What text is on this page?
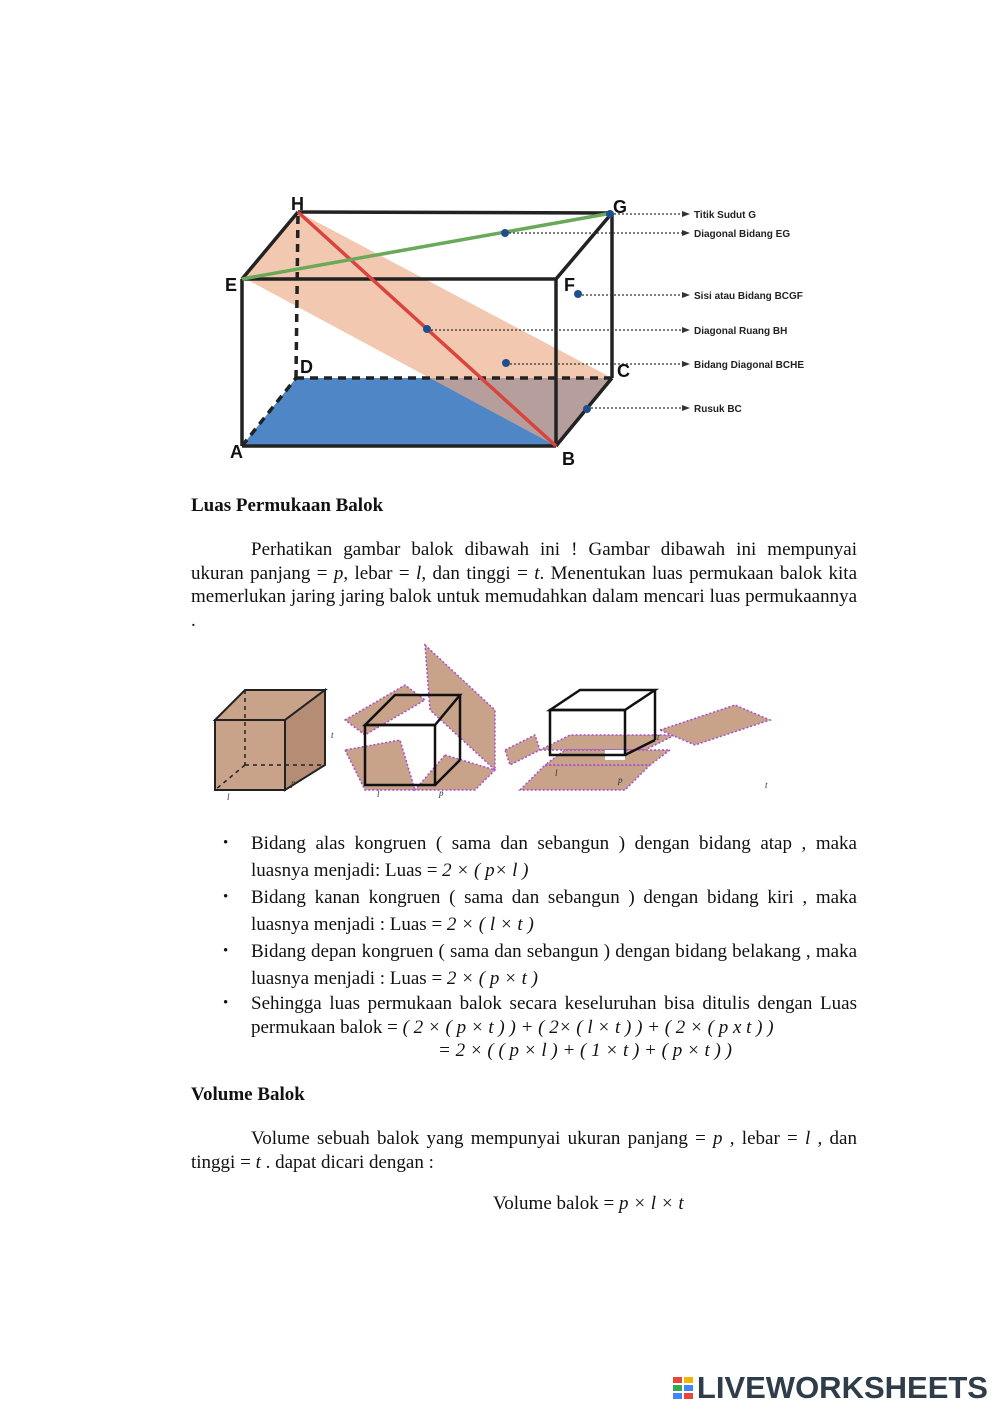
Titik Sudut G
Diagonal Bidang EG
Sisi atau Bidang BCGF
Diagonal Ruang BH
Bidang Diagonal BCHE
Rusuk BC
H	G
E	F
D	C
A	B
Luas Permukaan Balok

Perhatikan gambar balok dibawah ini ! Gambar dibawah ini mempunyai ukuran panjang = p, lebar = l, dan tinggi = t. Menentukan luas permukaan balok kita memerlukan jaring jaring balok untuk memudahkan dalam mencari luas permukaannya .

t
l
p
l	p
t
l
p	t
• Bidang alas kongruen ( sama dan sebangun ) dengan bidang atap , maka luasnya menjadi: Luas = 2 × ( p× l )
• Bidang kanan kongruen ( sama dan sebangun ) dengan bidang kiri , maka luasnya menjadi : Luas = 2 × ( l × t )
• Bidang depan kongruen ( sama dan sebangun ) dengan bidang belakang , maka luasnya menjadi : Luas = 2 × ( p × t )
• Sehingga luas permukaan balok secara keseluruhan bisa ditulis dengan Luas permukaan balok = ( 2 × ( p × t ) ) + ( 2× ( l × t ) ) + ( 2 × ( p x t ) )
= 2 × ( ( p × l ) + ( 1 × t ) + ( p × t ) )
Volume Balok

Volume sebuah balok yang mempunyai ukuran panjang = p , lebar = l , dan tinggi = t . dapat dicari dengan :

Volume balok = p × l × t
LIVEWORKSHEETS
